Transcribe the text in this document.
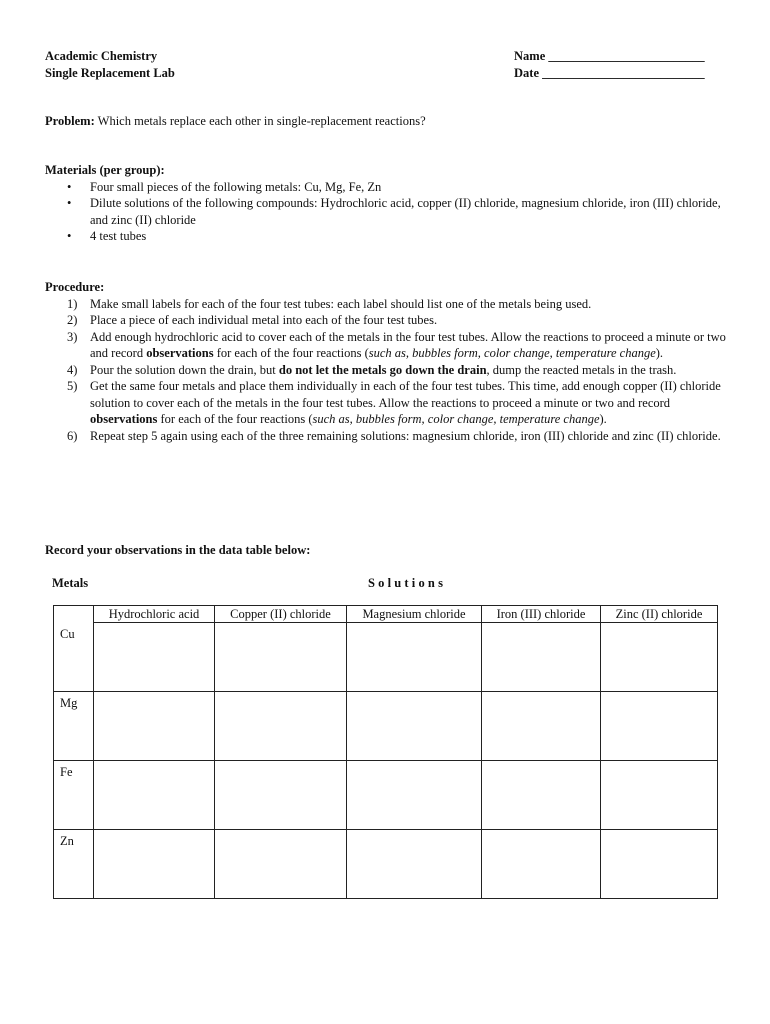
Academic Chemistry
Single Replacement Lab
Name _________________________
Date __________________________
Problem: Which metals replace each other in single-replacement reactions?
Materials (per group):
• Four small pieces of the following metals: Cu, Mg, Fe, Zn
• Dilute solutions of the following compounds: Hydrochloric acid, copper (II) chloride, magnesium chloride, iron (III) chloride, and zinc (II) chloride
• 4 test tubes
Procedure:
1) Make small labels for each of the four test tubes: each label should list one of the metals being used.
2) Place a piece of each individual metal into each of the four test tubes.
3) Add enough hydrochloric acid to cover each of the metals in the four test tubes. Allow the reactions to proceed a minute or two and record observations for each of the four reactions (such as, bubbles form, color change, temperature change).
4) Pour the solution down the drain, but do not let the metals go down the drain, dump the reacted metals in the trash.
5) Get the same four metals and place them individually in each of the four test tubes. This time, add enough copper (II) chloride solution to cover each of the metals in the four test tubes. Allow the reactions to proceed a minute or two and record observations for each of the four reactions (such as, bubbles form, color change, temperature change).
6) Repeat step 5 again using each of the three remaining solutions: magnesium chloride, iron (III) chloride and zinc (II) chloride.
Record your observations in the data table below:
Metals	Solutions
	Hydrochloric acid	Copper (II) chloride	Magnesium chloride	Iron (III) chloride	Zinc (II) chloride
Cu					
Mg					
Fe					
Zn					
